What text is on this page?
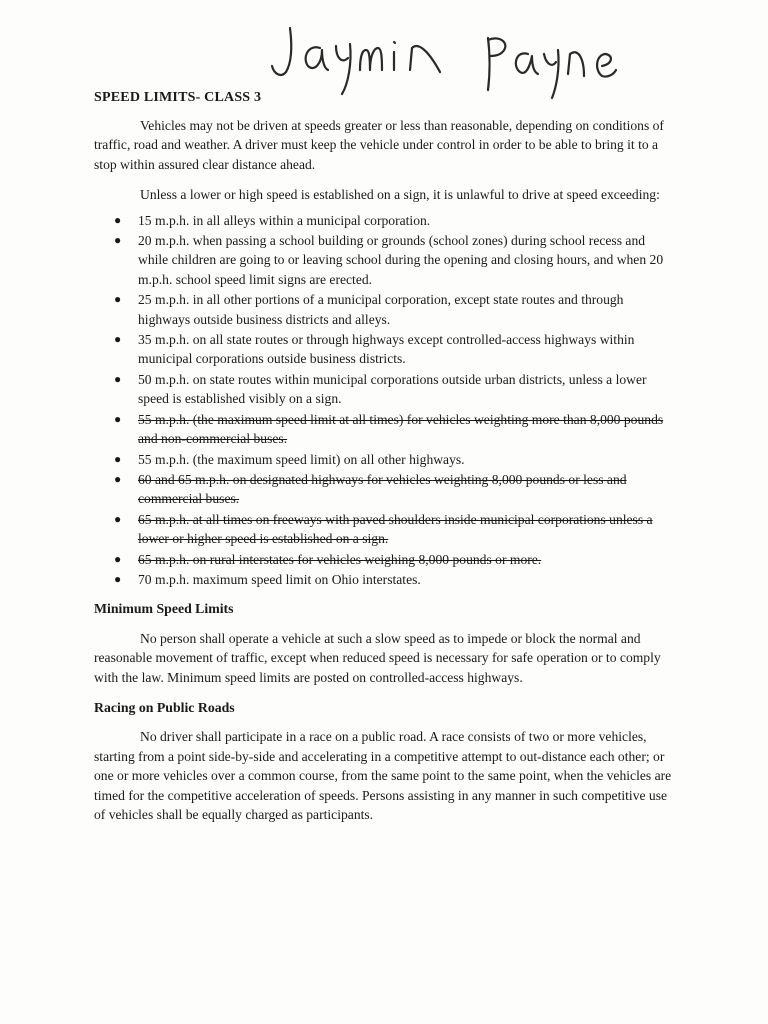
SPEED LIMITS- CLASS 3

Vehicles may not be driven at speeds greater or less than reasonable, depending on conditions of traffic, road and weather. A driver must keep the vehicle under control in order to be able to bring it to a stop within assured clear distance ahead.

Unless a lower or high speed is established on a sign, it is unlawful to drive at speed exceeding:

● 15 m.p.h. in all alleys within a municipal corporation.
● 20 m.p.h. when passing a school building or grounds (school zones) during school recess and while children are going to or leaving school during the opening and closing hours, and when 20 m.p.h. school speed limit signs are erected.
● 25 m.p.h. in all other portions of a municipal corporation, except state routes and through highways outside business districts and alleys.
● 35 m.p.h. on all state routes or through highways except controlled-access highways within municipal corporations outside business districts.
● 50 m.p.h. on state routes within municipal corporations outside urban districts, unless a lower speed is established visibly on a sign.
● 55 m.p.h. (the maximum speed limit at all times) for vehicles weighting more than 8,000 pounds and non-commercial buses.
● 55 m.p.h. (the maximum speed limit) on all other highways.
● 60 and 65 m.p.h. on designated highways for vehicles weighting 8,000 pounds or less and commercial buses.
● 65 m.p.h. at all times on freeways with paved shoulders inside municipal corporations unless a lower or higher speed is established on a sign.
● 65 m.p.h. on rural interstates for vehicles weighing 8,000 pounds or more.
● 70 m.p.h. maximum speed limit on Ohio interstates.
Minimum Speed Limits

No person shall operate a vehicle at such a slow speed as to impede or block the normal and reasonable movement of traffic, except when reduced speed is necessary for safe operation or to comply with the law. Minimum speed limits are posted on controlled-access highways.

Racing on Public Roads

No driver shall participate in a race on a public road. A race consists of two or more vehicles, starting from a point side-by-side and accelerating in a competitive attempt to out-distance each other; or one or more vehicles over a common course, from the same point to the same point, when the vehicles are timed for the competitive acceleration of speeds. Persons assisting in any manner in such competitive use of vehicles shall be equally charged as participants.
